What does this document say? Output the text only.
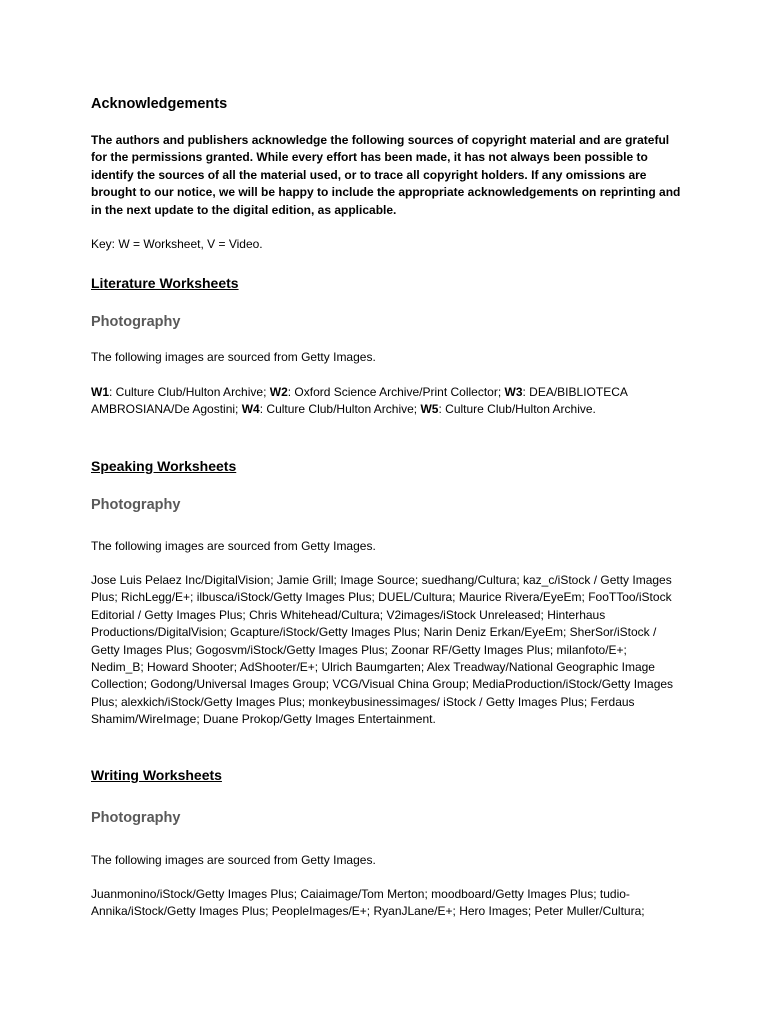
Acknowledgements

The authors and publishers acknowledge the following sources of copyright material and are grateful for the permissions granted. While every effort has been made, it has not always been possible to identify the sources of all the material used, or to trace all copyright holders. If any omissions are brought to our notice, we will be happy to include the appropriate acknowledgements on reprinting and in the next update to the digital edition, as applicable.

Key: W = Worksheet, V = Video.

Literature Worksheets
Photography

The following images are sourced from Getty Images.

W1: Culture Club/Hulton Archive; W2: Oxford Science Archive/Print Collector; W3: DEA/BIBLIOTECA AMBROSIANA/De Agostini; W4: Culture Club/Hulton Archive; W5: Culture Club/Hulton Archive.

Speaking Worksheets
Photography

The following images are sourced from Getty Images.

Jose Luis Pelaez Inc/DigitalVision; Jamie Grill; Image Source; suedhang/Cultura; kaz_c/iStock / Getty Images Plus; RichLegg/E+; ilbusca/iStock/Getty Images Plus; DUEL/Cultura; Maurice Rivera/EyeEm; FooTToo/iStock Editorial / Getty Images Plus; Chris Whitehead/Cultura; V2images/iStock Unreleased; Hinterhaus Productions/DigitalVision; Gcapture/iStock/Getty Images Plus; Narin Deniz Erkan/EyeEm; SherSor/iStock / Getty Images Plus; Gogosvm/iStock/Getty Images Plus; Zoonar RF/Getty Images Plus; milanfoto/E+; Nedim_B; Howard Shooter; AdShooter/E+; Ulrich Baumgarten; Alex Treadway/National Geographic Image Collection; Godong/Universal Images Group; VCG/Visual China Group; MediaProduction/iStock/Getty Images Plus; alexkich/iStock/Getty Images Plus; monkeybusinessimages/ iStock / Getty Images Plus; Ferdaus Shamim/WireImage; Duane Prokop/Getty Images Entertainment.

Writing Worksheets
Photography

The following images are sourced from Getty Images.

Juanmonino/iStock/Getty Images Plus; Caiaimage/Tom Merton; moodboard/Getty Images Plus; tudio-Annika/iStock/Getty Images Plus; PeopleImages/E+; RyanJLane/E+; Hero Images; Peter Muller/Cultura;
